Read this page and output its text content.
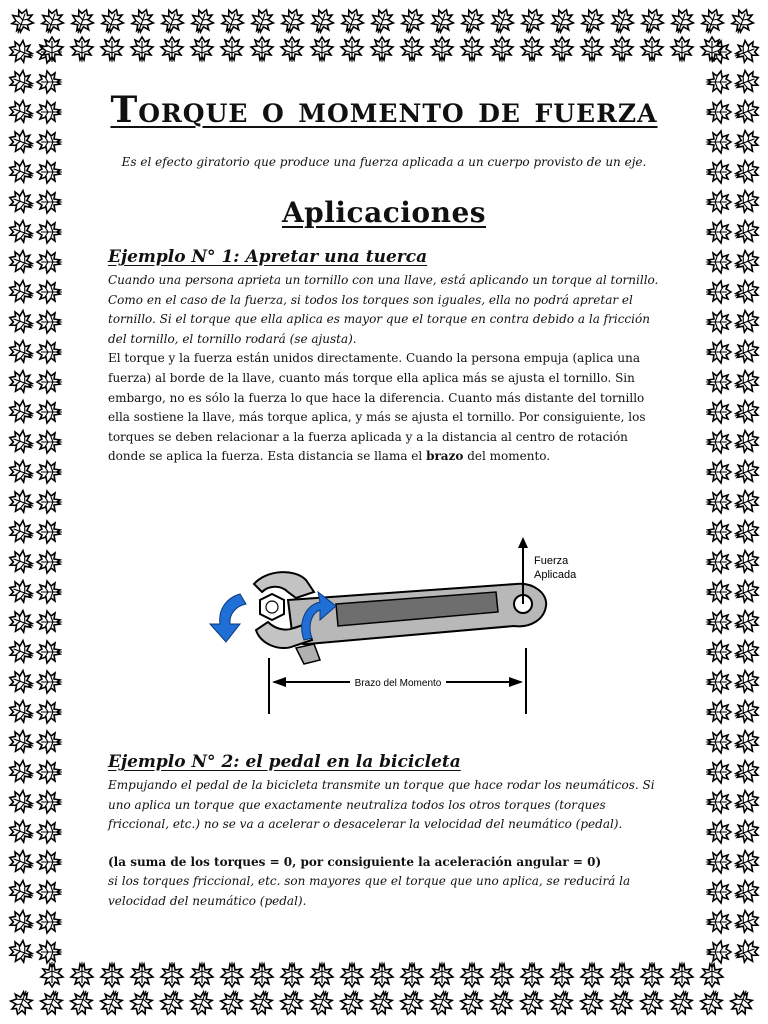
Torque o momento de fuerza

Es el efecto giratorio que produce una fuerza aplicada a un cuerpo provisto de un eje.

Aplicaciones
Ejemplo N° 1: Apretar una tuerca

Cuando una persona aprieta un tornillo con una llave, está aplicando un torque al tornillo. Como en el caso de la fuerza, si todos los torques son iguales, ella no podrá apretar el tornillo. Si el torque que ella aplica es mayor que el torque en contra debido a la fricción del tornillo, el tornillo rodará (se ajusta).

El torque y la fuerza están unidos directamente. Cuando la persona empuja (aplica una fuerza) al borde de la llave, cuanto más torque ella aplica más se ajusta el tornillo. Sin embargo, no es sólo la fuerza lo que hace la diferencia. Cuanto más distante del tornillo ella sostiene la llave, más torque aplica, y más se ajusta el tornillo. Por consiguiente, los torques se deben relacionar a la fuerza aplicada y a la distancia al centro de rotación donde se aplica la fuerza. Esta distancia se llama el brazo del momento.

Fuerza
Aplicada
Brazo del Momento
Ejemplo N° 2: el pedal en la bicicleta

Empujando el pedal de la bicicleta transmite un torque que hace rodar los neumáticos. Si uno aplica un torque que exactamente neutraliza todos los otros torques (torques friccional, etc.) no se va a acelerar o desacelerar la velocidad del neumático (pedal).

(la suma de los torques = 0, por consiguiente la aceleración angular = 0)

si los torques friccional, etc. son mayores que el torque que uno aplica, se reducirá la velocidad del neumático (pedal).
